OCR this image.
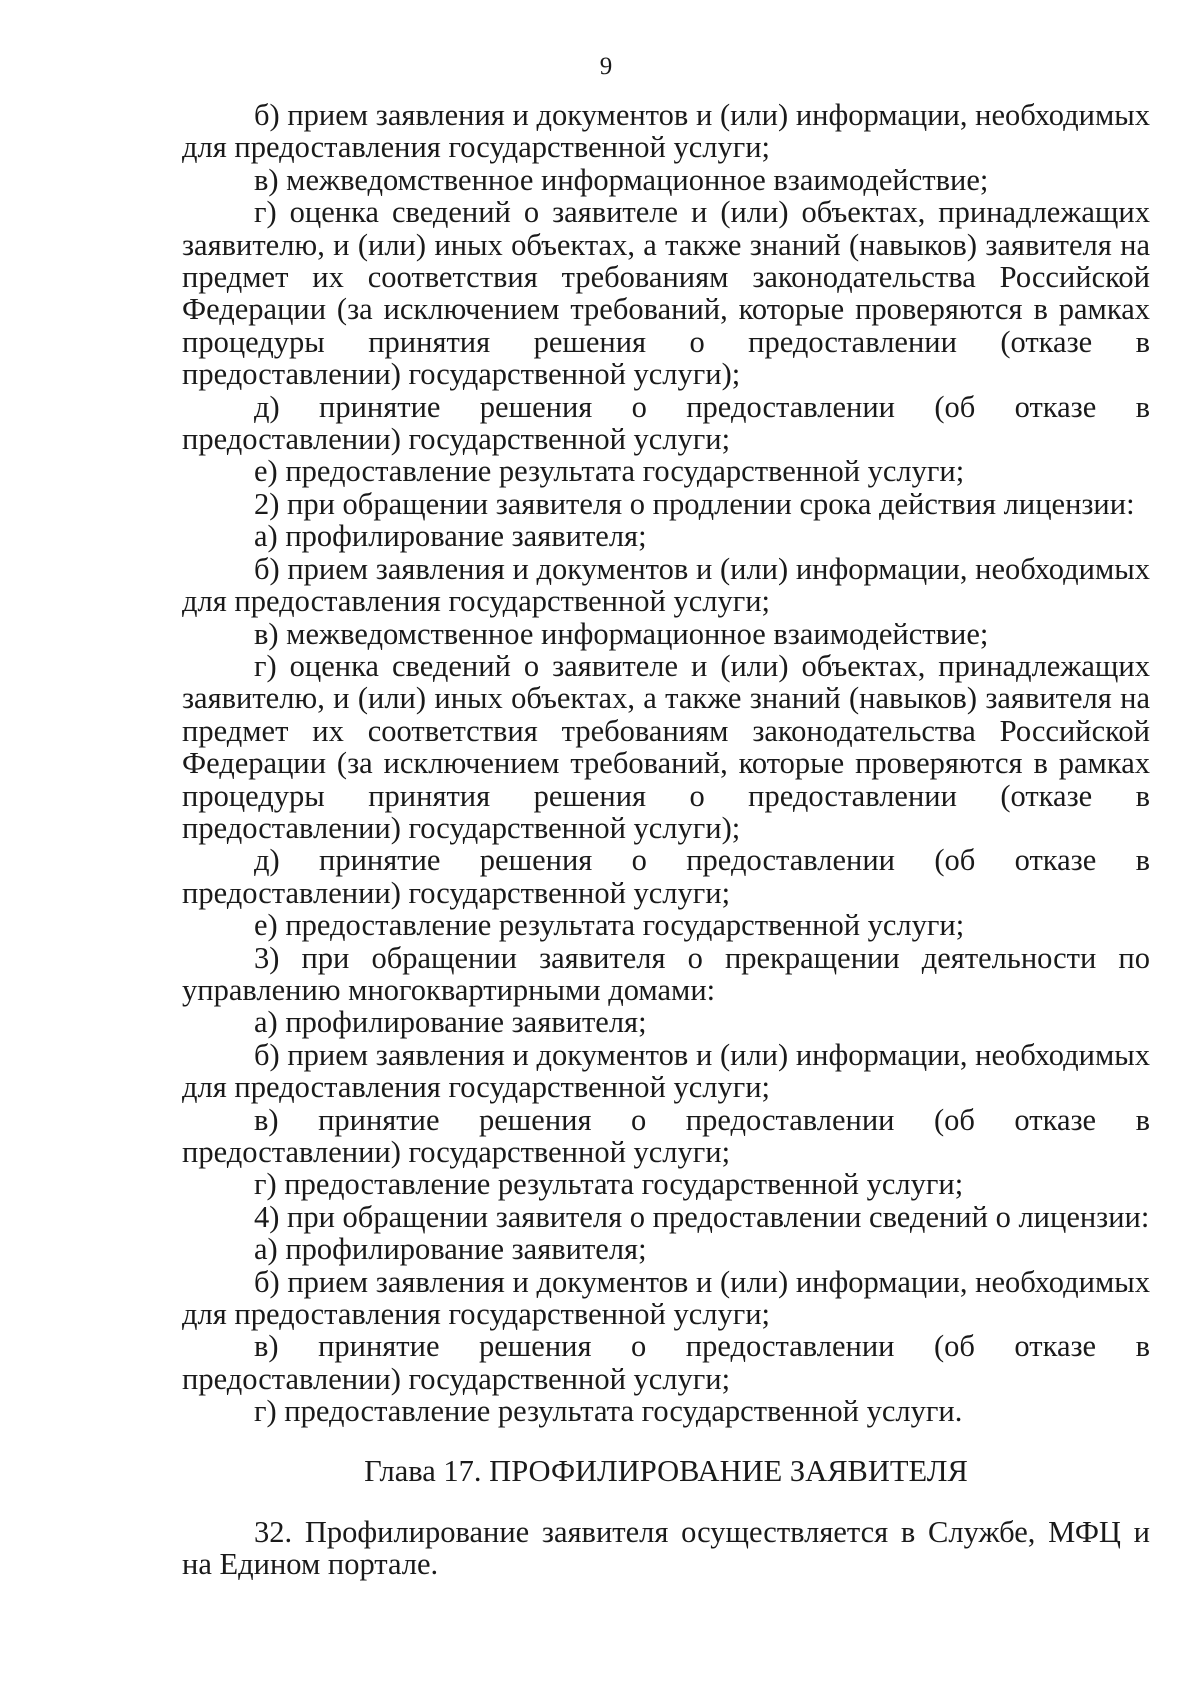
9

б) прием заявления и документов и (или) информации, необходимых для предоставления государственной услуги;

в) межведомственное информационное взаимодействие;

г) оценка сведений о заявителе и (или) объектах, принадлежащих заявителю, и (или) иных объектах, а также знаний (навыков) заявителя на предмет их соответствия требованиям законодательства Российской Федерации (за исключением требований, которые проверяются в рамках процедуры принятия решения о предоставлении (отказе в предоставлении) государственной услуги);

д) принятие решения о предоставлении (об отказе в предоставлении) государственной услуги;

е) предоставление результата государственной услуги;

2) при обращении заявителя о продлении срока действия лицензии:

а) профилирование заявителя;

б) прием заявления и документов и (или) информации, необходимых для предоставления государственной услуги;

в) межведомственное информационное взаимодействие;

г) оценка сведений о заявителе и (или) объектах, принадлежащих заявителю, и (или) иных объектах, а также знаний (навыков) заявителя на предмет их соответствия требованиям законодательства Российской Федерации (за исключением требований, которые проверяются в рамках процедуры принятия решения о предоставлении (отказе в предоставлении) государственной услуги);

д) принятие решения о предоставлении (об отказе в предоставлении) государственной услуги;

е) предоставление результата государственной услуги;

3) при обращении заявителя о прекращении деятельности по управлению многоквартирными домами:

а) профилирование заявителя;

б) прием заявления и документов и (или) информации, необходимых для предоставления государственной услуги;

в) принятие решения о предоставлении (об отказе в предоставлении) государственной услуги;

г) предоставление результата государственной услуги;

4) при обращении заявителя о предоставлении сведений о лицензии:

а) профилирование заявителя;

б) прием заявления и документов и (или) информации, необходимых для предоставления государственной услуги;

в) принятие решения о предоставлении (об отказе в предоставлении) государственной услуги;

г) предоставление результата государственной услуги.

Глава 17. ПРОФИЛИРОВАНИЕ ЗАЯВИТЕЛЯ

32. Профилирование заявителя осуществляется в Службе, МФЦ и на Едином портале.
